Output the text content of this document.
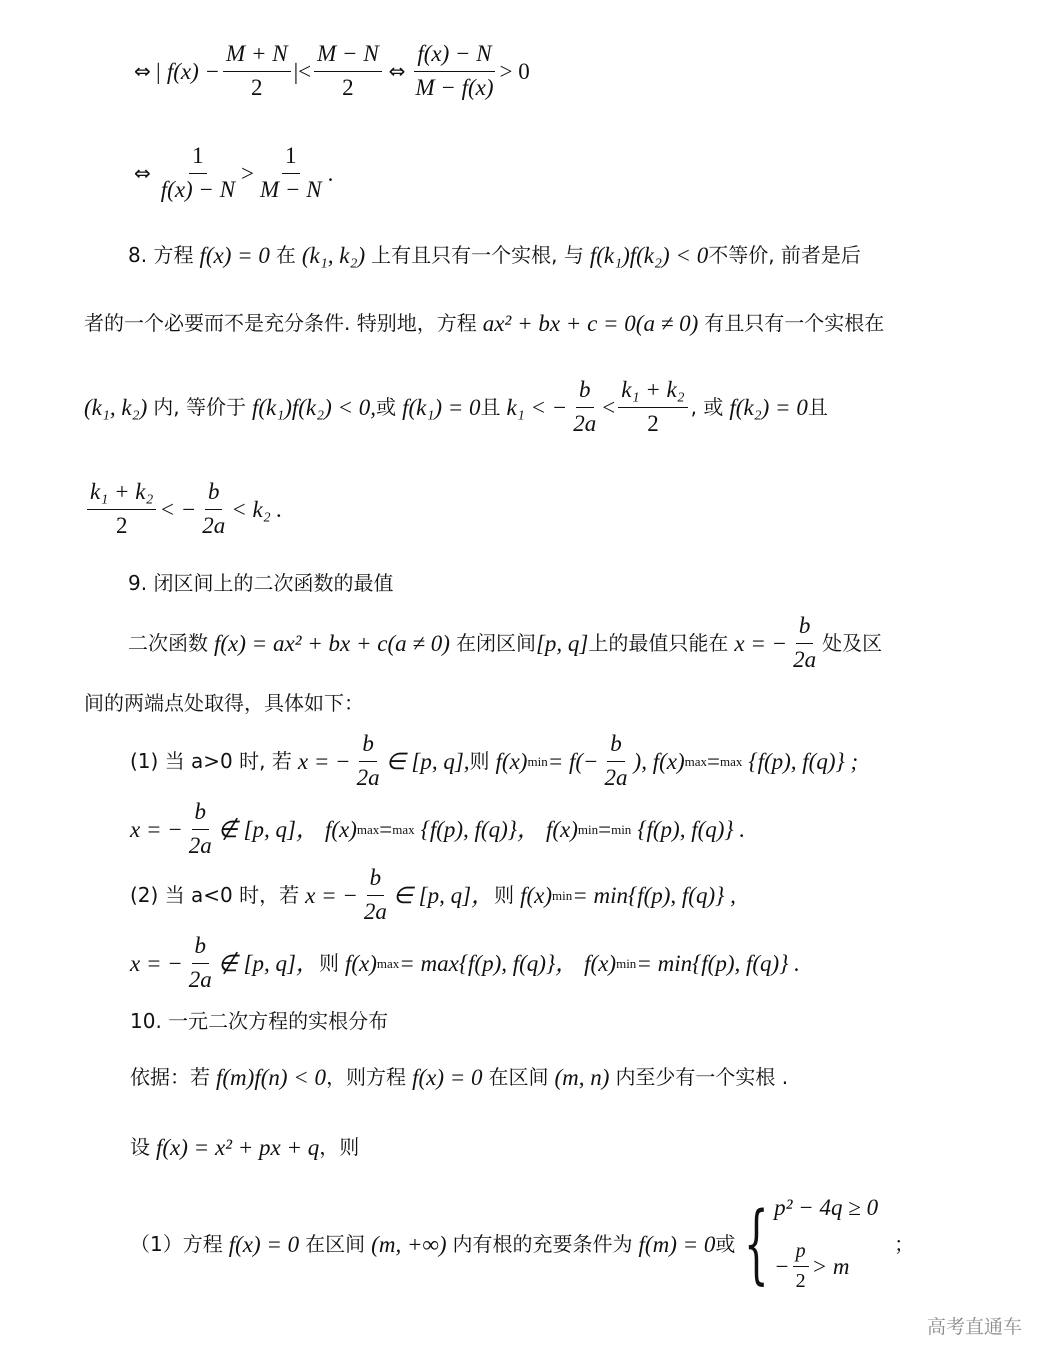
⇔ | $f(x) - \frac{M + N}{2}$ |< $\frac{M - N}{2}$ ⇔ $\frac{f(x) - N}{M - f(x)} > 0$
⇔ $\frac{1}{f(x) - N} > \frac{1}{M - N}$ .
8. 方程 f(x) = 0 在 (k₁, k₂) 上有且只有一个实根, 与 f(k₁)f(k₂) < 0 不等价, 前者是后
者的一个必要而不是充分条件. 特别地，方程 ax² + bx + c = 0(a ≠ 0) 有且只有一个实根在
(k₁, k₂) 内, 等价于 f(k₁)f(k₂) < 0, 或 f(k₁) = 0 且 k₁ < − $\frac{b}{2a} < \frac{\text{k₁ + k₂}}{2}$ , 或 f(k₂) = 0 且
$\frac{\text{k₁ + k₂}}{2}$ < − $\frac{b}{2a} < k_2$ .
9. 闭区间上的二次函数的最值
二次函数 f(x) = ax² + bx + c(a ≠ 0) 在闭区间 [p, q] 上的最值只能在 x = − $\frac{b}{2a}$ 处及区
间的两端点处取得，具体如下：
(1) 当 a>0 时, 若 x = − $\frac{b}{2a}$ ∈ [p, q], 则 f(x) $\min = f(- \frac{b}{2a}$ ), f(x) max = max {f(p), f(q)} ;
x = − $\frac{b}{2a}$ ∉ [p, q]， f(x) max = max {f(p), f(q)}， f(x) min = min {f(p), f(q)} .
(2) 当 a<0 时，若 x = − $\frac{b}{2a}$ ∈ [p, q]， 则 f(x) min = min{f(p), f(q)} ,
x = − $\frac{b}{2a}$ ∉ [p, q]， 则 f(x) max = max{f(p), f(q)}， f(x) min = min{f(p), f(q)} .
10. 一元二次方程的实根分布
依据：若 f(m)f(n) < 0 ，则方程 f(x) = 0 在区间 (m, n) 内至少有一个实根 .
设 f(x) = x² + px + q ，则
（1）方程 f(x) = 0 在区间 (m, +∞) 内有根的充要条件为 f(m) = 0 或 { p² − 4q ≥ 0
− $\frac{p}{2} > m$
；
高考直通车
